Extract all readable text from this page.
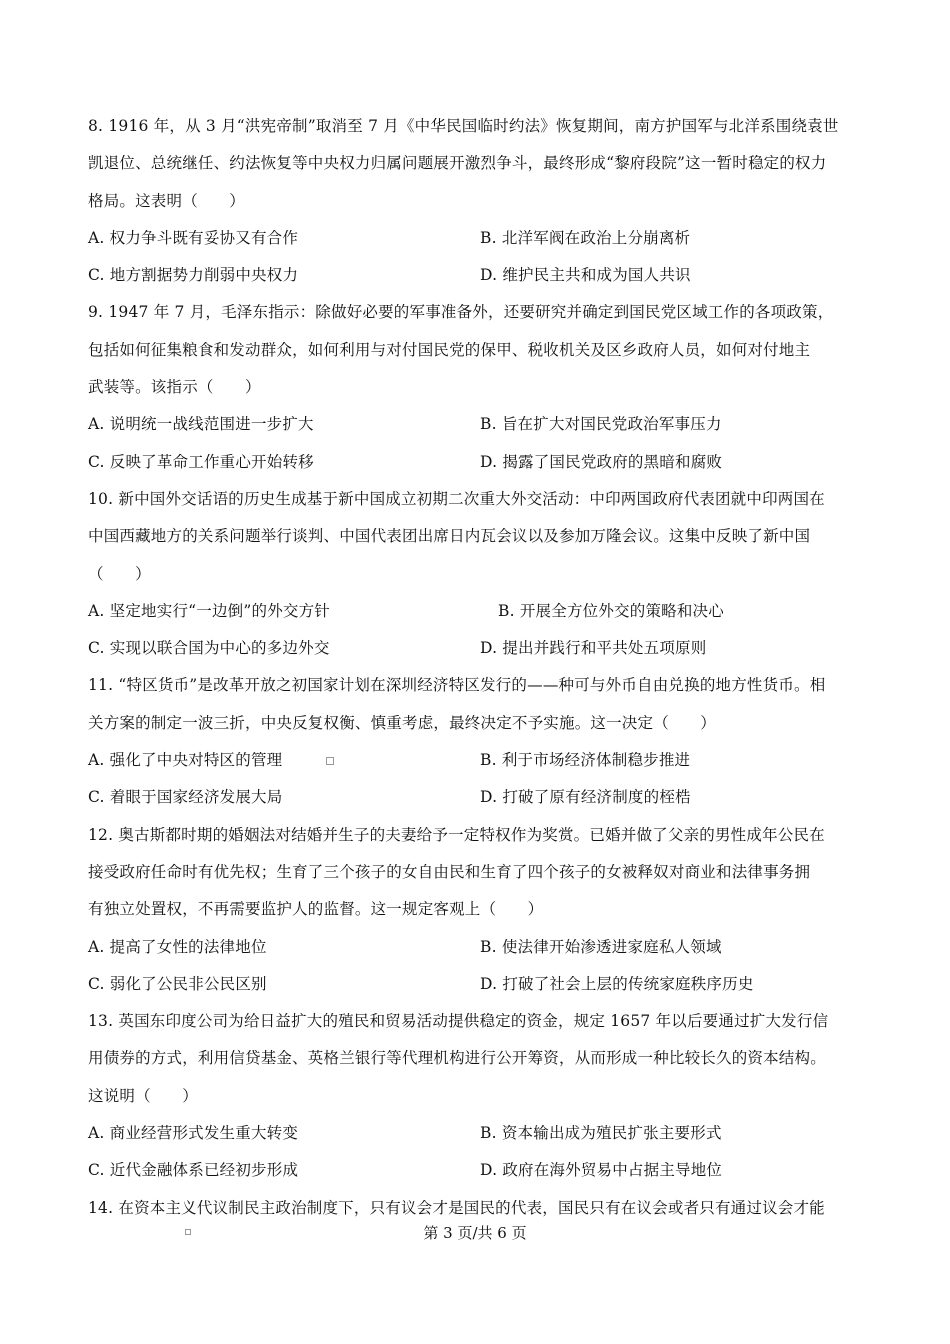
8. 1916 年，从 3 月“洪宪帝制”取消至 7 月《中华民国临时约法》恢复期间，南方护国军与北洋系围绕袁世
凯退位、总统继任、约法恢复等中央权力归属问题展开激烈争斗，最终形成“黎府段院”这一暂时稳定的权力
格局。这表明（　　）
A. 权力争斗既有妥协又有合作	B. 北洋军阀在政治上分崩离析
C. 地方割据势力削弱中央权力	D. 维护民主共和成为国人共识
9. 1947 年 7 月，毛泽东指示：除做好必要的军事准备外，还要研究并确定到国民党区域工作的各项政策，
包括如何征集粮食和发动群众，如何利用与对付国民党的保甲、税收机关及区乡政府人员，如何对付地主
武装等。该指示（　　）
A. 说明统一战线范围进一步扩大	B. 旨在扩大对国民党政治军事压力
C. 反映了革命工作重心开始转移	D. 揭露了国民党政府的黑暗和腐败
10. 新中国外交话语的历史生成基于新中国成立初期二次重大外交活动：中印两国政府代表团就中印两国在
中国西藏地方的关系问题举行谈判、中国代表团出席日内瓦会议以及参加万隆会议。这集中反映了新中国
（　　）
A. 坚定地实行“一边倒”的外交方针	B. 开展全方位外交的策略和决心
C. 实现以联合国为中心的多边外交	D. 提出并践行和平共处五项原则
11. “特区货币”是改革开放之初国家计划在深圳经济特区发行的——种可与外币自由兑换的地方性货币。相
关方案的制定一波三折，中央反复权衡、慎重考虑，最终决定不予实施。这一决定（　　）
A. 强化了中央对特区的管理	B. 利于市场经济体制稳步推进
C. 着眼于国家经济发展大局	D. 打破了原有经济制度的桎梏
12. 奥古斯都时期的婚姻法对结婚并生子的夫妻给予一定特权作为奖赏。已婚并做了父亲的男性成年公民在
接受政府任命时有优先权；生育了三个孩子的女自由民和生育了四个孩子的女被释奴对商业和法律事务拥
有独立处置权，不再需要监护人的监督。这一规定客观上（　　）
A. 提高了女性的法律地位	B. 使法律开始渗透进家庭私人领域
C. 弱化了公民非公民区别	D. 打破了社会上层的传统家庭秩序历史
13. 英国东印度公司为给日益扩大的殖民和贸易活动提供稳定的资金，规定 1657 年以后要通过扩大发行信
用债券的方式，利用信贷基金、英格兰银行等代理机构进行公开筹资，从而形成一种比较长久的资本结构。
这说明（　　）
A. 商业经营形式发生重大转变	B. 资本输出成为殖民扩张主要形式
C. 近代金融体系已经初步形成	D. 政府在海外贸易中占据主导地位
14. 在资本主义代议制民主政治制度下，只有议会才是国民的代表，国民只有在议会或者只有通过议会才能
第 3 页/共 6 页
